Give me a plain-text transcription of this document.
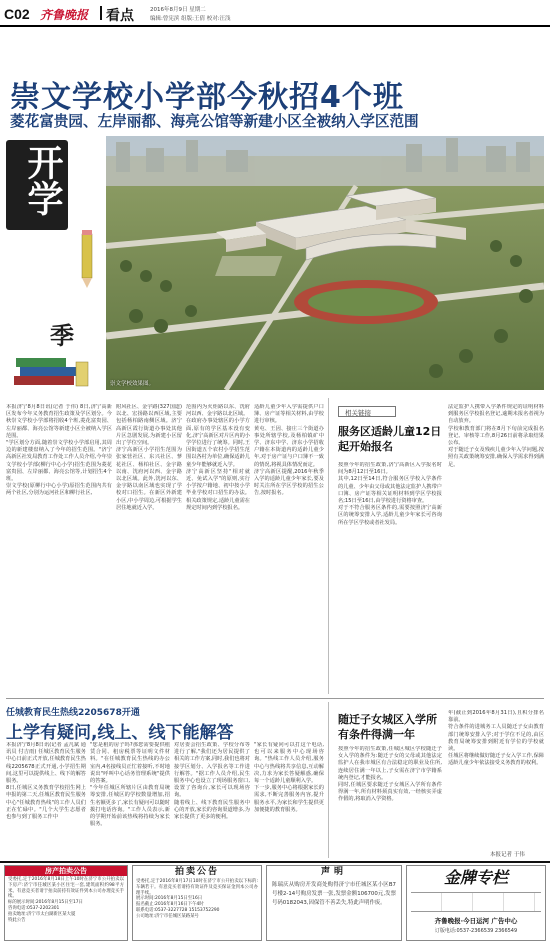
C02 齐鲁晚报 看点	2016年8月9日 星期二
编辑:曾宪滨 组版:王倩 校对:汪浅
崇文学校小学部今秋招4个班
菱花富贵园、左岸丽都、海亮公馆等新建小区全被纳入学区范围
崇文学校效果图。
开学
季
本报济宁8月8日讯(记者 于伟) 8日,济宁高新区发布今年义务教育招生政策及学区划分。今秋崇文学校小学部将招收4个班,菱花富贵园、左岸丽都、海亮公馆等新建小区全被纳入学区范围。
"学区划分方面,随着崇文学校小学部启用,其周边的新建楼盘纳入了今年的招生范围。"济宁高新区社发局教育工作处工作人员介绍,今年崇文学校小学部(柳行中心小学)招生范围为菱花富贵园、左岸丽都、海亮公馆等,计划招生4个班。
崇文学校(原柳行中心小学)原招生范围内共有两个社区,分别为运河社区和柳行社区,
附风社区、金宇路(327国道)以北、宏扬路以西区域,主要包括杨柏路南侧区域。济宁高新区霞行街道办事处其他片区急剧发展,为新建小区留出了学位空间。
济宁高新区小学招生范围为张家营社区、东兴社区、蓼花社区、杨柏社区、金宇路以南、洸府河以西、金宇路以北区域。此外,洸河以东、金宇路以南区域也实现了学校对口招生。在新区外新建小区,中小学周边,可根据学生居住地就近入学。
范围内为火炬路以东、洸府河以西、金宇路以北区域。
在政府办事处辖区的小学方面,原有的学区基本没有变化,济宁高新区对片区内的小学学位进行了统筹。同时,王因街道五个农村小学招生范围以各村为单位,确保适龄儿童少年能够就近入学。
济宁高新区坚持"相对就近、免试入学"的原则,实行小学按户籍地、初中按小学毕业学校对口招生的办法。相关政策规定,适龄儿童需在规定时间内到学校报名。
适龄儿童少年入学需提供户口簿、房产证等相关材料,由学校进行审核。
黄屯、王因、接庄三个街道办事处所辖学校,及杨柏镇矿中学、济东中学、济东小学招收户籍在本街道内的适龄儿童少年,对于房产证与户口簿不一致的情况,将视具体情况而定。
济宁高新区提醒,2016年秋季入学的适龄儿童少年家长,要及时关注所在学区学校的招生公告,按时报名。
相关链接
服务区适龄儿童12日起开始报名
按照今年的招生政策,济宁高新区入学报名时间为8月12日至16日。
其中,12日至14日,符合服务区学校入学条件的儿童、少年由父母或其他法定监护人携带户口簿、房产证等相关证明材料到学区学校报名;15日至16日,由学校进行资格审查。
对于不符合服务区条件的,需要按照济宁高新区的统筹安排入学,适龄儿童少年家长可咨询所在学区学校或者社发局。
法定监护人携带入学条件规定的证明材料到服务区学校报名登记,逾期未报名者视为自动放弃。
学校和教育部门将在8月下旬前完成报名登记、审核等工作,8月26日前将录取结果公布。
对于随迁子女及残疾儿童少年入学问题,按照有关政策统筹安排,确保入学需求得到满足。
任城教育民生热线2205678开通
上学有疑问,线上、线下能解答
本报济宁8月8日讯(记者 孟凡斌 通讯员 付吉雨) 任城区教育民生服务中心日前正式开放,任城教育民生热线2205678正式开通,小学招生期间,这里可以提供线上、线下的解答服务。
8日,任城区义务教育学校招生网上申报的第二天,任城区教育民生服务中心"任城教育热线"的工作人员们正在忙碌中。"几个大学生志愿者也参与到了服务工作中
"您是租的房子吗?那您需要提供租赁合同、租房税票等证明文件材料。"在任城教育民生热线的办公室内,4名接线员正忙着接听,不时地说出"呼叫中心话务管理系统"提供的答案。
"今年任城区所辖片区由教育局统筹安排,任城区的学校数量增加,招生名额更多了,家长有疑问可以随时拨打电话咨询。"工作人员表示,新的学期开始前该热线将持续为家长服务。
对居委会招生政策、学校分布等进行了解,"我们还为居民提供了相关的工作方案,同时,我们也将对接学区划分、入学报名等工作进行解答。"据工作人员介绍,民生服务中心也设立了现场服务窗口,设置了咨询台,家长可以现场咨询。
随着线上、线下教育民生服务中心的开放,家长的咨询渠道增多,为家长提供了更多的便利。
"家长有疑问可以打这个电话,也可以来服务中心现场咨询。"热线工作人员介绍,服务中心与热线将共享信息,互动解决,力求为家长答疑解惑,确保每一个适龄儿童顺利入学。
下一步,服务中心将根据家长的需求,不断完善服务内容,提升服务水平,为家长和学生提供更加便捷的教育服务。
随迁子女城区入学所有条件得满一年
按照今年的招生政策,任城区城区学校随迁子女入学的条件为:随迁子女的父母或其他法定监护人在我市城区有合法稳定的职业及住所,连续居住满一年以上,子女需在济宁市学籍系统内登记,才能报名。
同时,任城区要求随迁子女城区入学所有条件得满一年,所有材料须真实有效,一经核实弄虚作假的,将取消入学资格。
年(截止到2016年8月31日),且积分排名靠前。
符合条件的进城务工人员随迁子女由教育部门统筹安排入学;对于学位不足的,由区教育局统筹安排到附近有学位的学校就读。
任城区将继续做好随迁子女入学工作,保障适龄儿童少年依法接受义务教育的权利。
本报记者 于伟
房产拍卖公告
受委托,定于2016年8月18日上午10时在济宁市公开拍卖以下房产:济宁市任城区某小区住宅一套,建筑面积约98平方米。有意竞买者请于拍卖前持有效证件到本公司办理竞买手续。
标的展示时间:2016年8月15日至17日
咨询电话:0537-2202301
拍卖地址:济宁市太白湖新区某大厦
特此公告
拍卖公告
受委托,定于2016年8月17日10时在济宁市公开拍卖以下标的:车辆若干。有意竞买者请持有效证件及竞买保证金到本公司办理手续。
展示时间:2016年8月15日至16日
报名截止:2016年8月16日下午4时
联系电话:0537-3227728 15153752290
公司地址:济宁市任城区某路某号
声明
陈瑞庆从购房开发商处购得济宁市任城区某小区B7号楼2-14号购房发票一张,发票金额106700元,发票号码0182043,因保管不善丢失,特此声明作废。
金牌专栏
齐鲁晚报·今日运河 广告中心
订版电话:0537-2366539 2366549
